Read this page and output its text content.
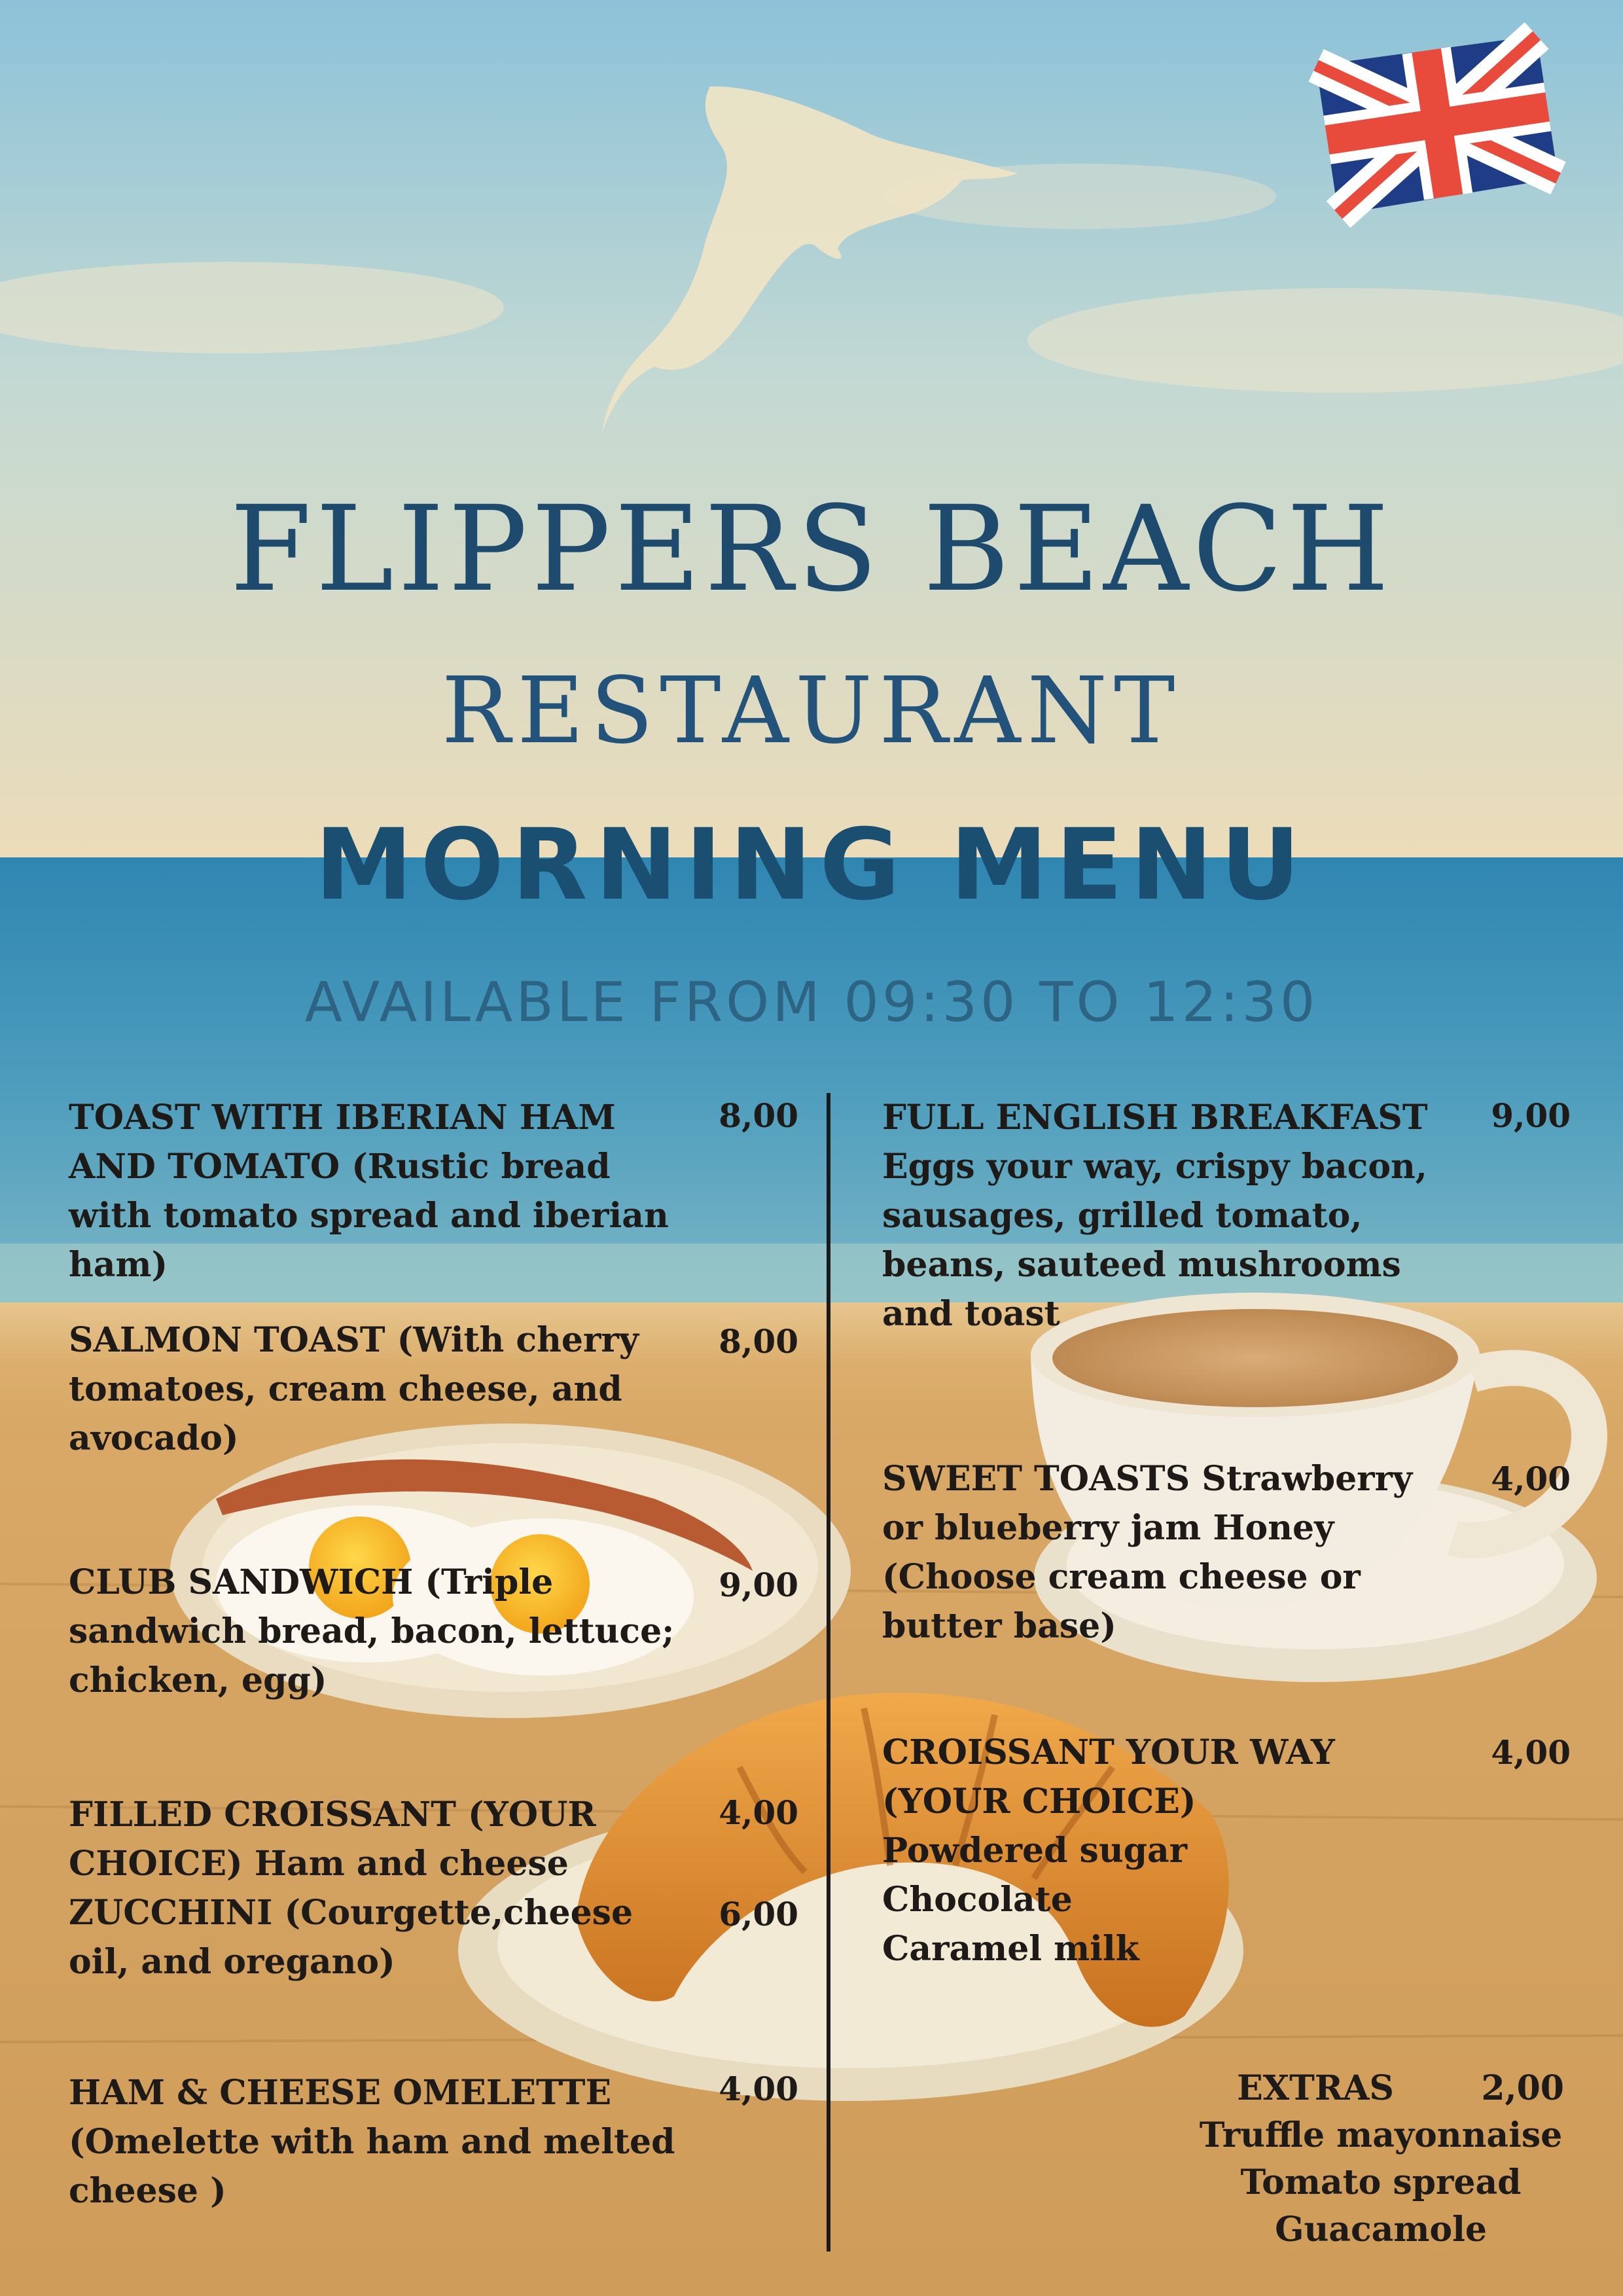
FLIPPERS BEACH
RESTAURANT
MORNING MENU

AVAILABLE FROM 09:30 TO 12:30

TOAST WITH IBERIAN HAM AND TOMATO (Rustic bread with tomato spread and iberian ham)
8,00
SALMON TOAST (With cherry tomatoes, cream cheese, and avocado)
8,00
CLUB SANDWICH (Triple sandwich bread, bacon, lettuce; chicken, egg)
9,00
FILLED CROISSANT (YOUR CHOICE) Ham and cheese
4,00
ZUCCHINI (Courgette,cheese oil, and oregano)
6,00
HAM & CHEESE OMELETTE (Omelette with ham and melted cheese )
4,00
FULL ENGLISH BREAKFAST
Eggs your way, crispy bacon, sausages, grilled tomato, beans, sauteed mushrooms and toast
9,00
SWEET TOASTS Strawberry or blueberry jam Honey (Choose cream cheese or butter base)
4,00
CROISSANT YOUR WAY (YOUR CHOICE)
Powdered sugar
Chocolate
Caramel milk
4,00
EXTRAS	2,00
Truffle mayonnaise
Tomato spread
Guacamole
